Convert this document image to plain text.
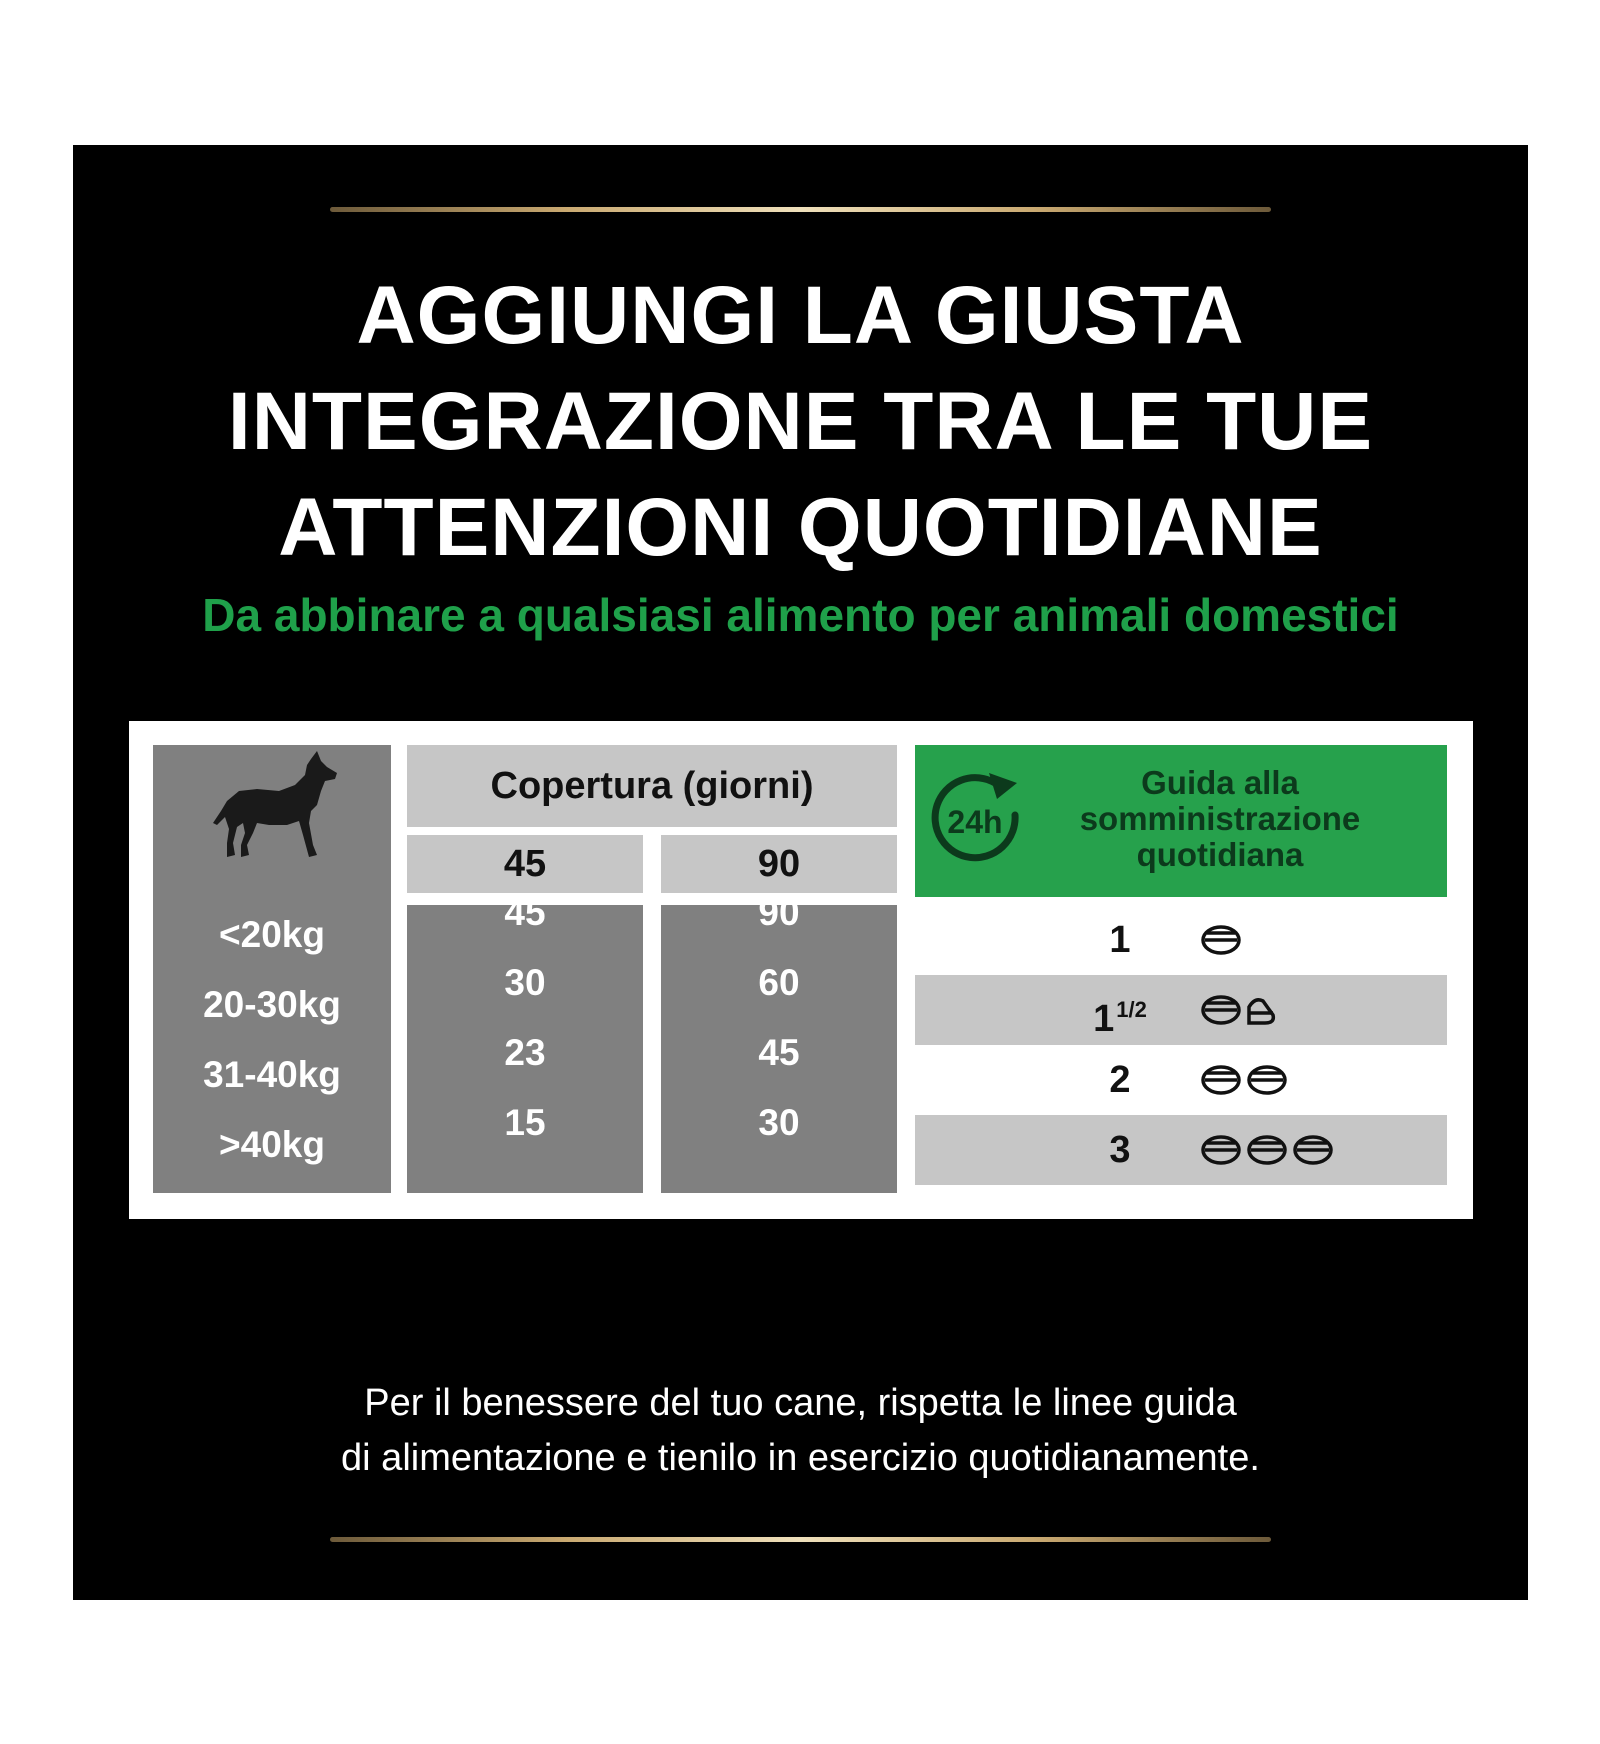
AGGIUNGI LA GIUSTA
INTEGRAZIONE TRA LE TUE
ATTENZIONI QUOTIDIANE
Da abbinare a qualsiasi alimento per animali domestici
<20kg
20-30kg
31-40kg
>40kg
Copertura (giorni)
45	90
45
30
23
15
90
60
45
30
24h
Guida alla
somministrazione
quotidiana
1
$1^{1/2}$
2
3
Per il benessere del tuo cane, rispetta le linee guida
di alimentazione e tienilo in esercizio quotidianamente.
